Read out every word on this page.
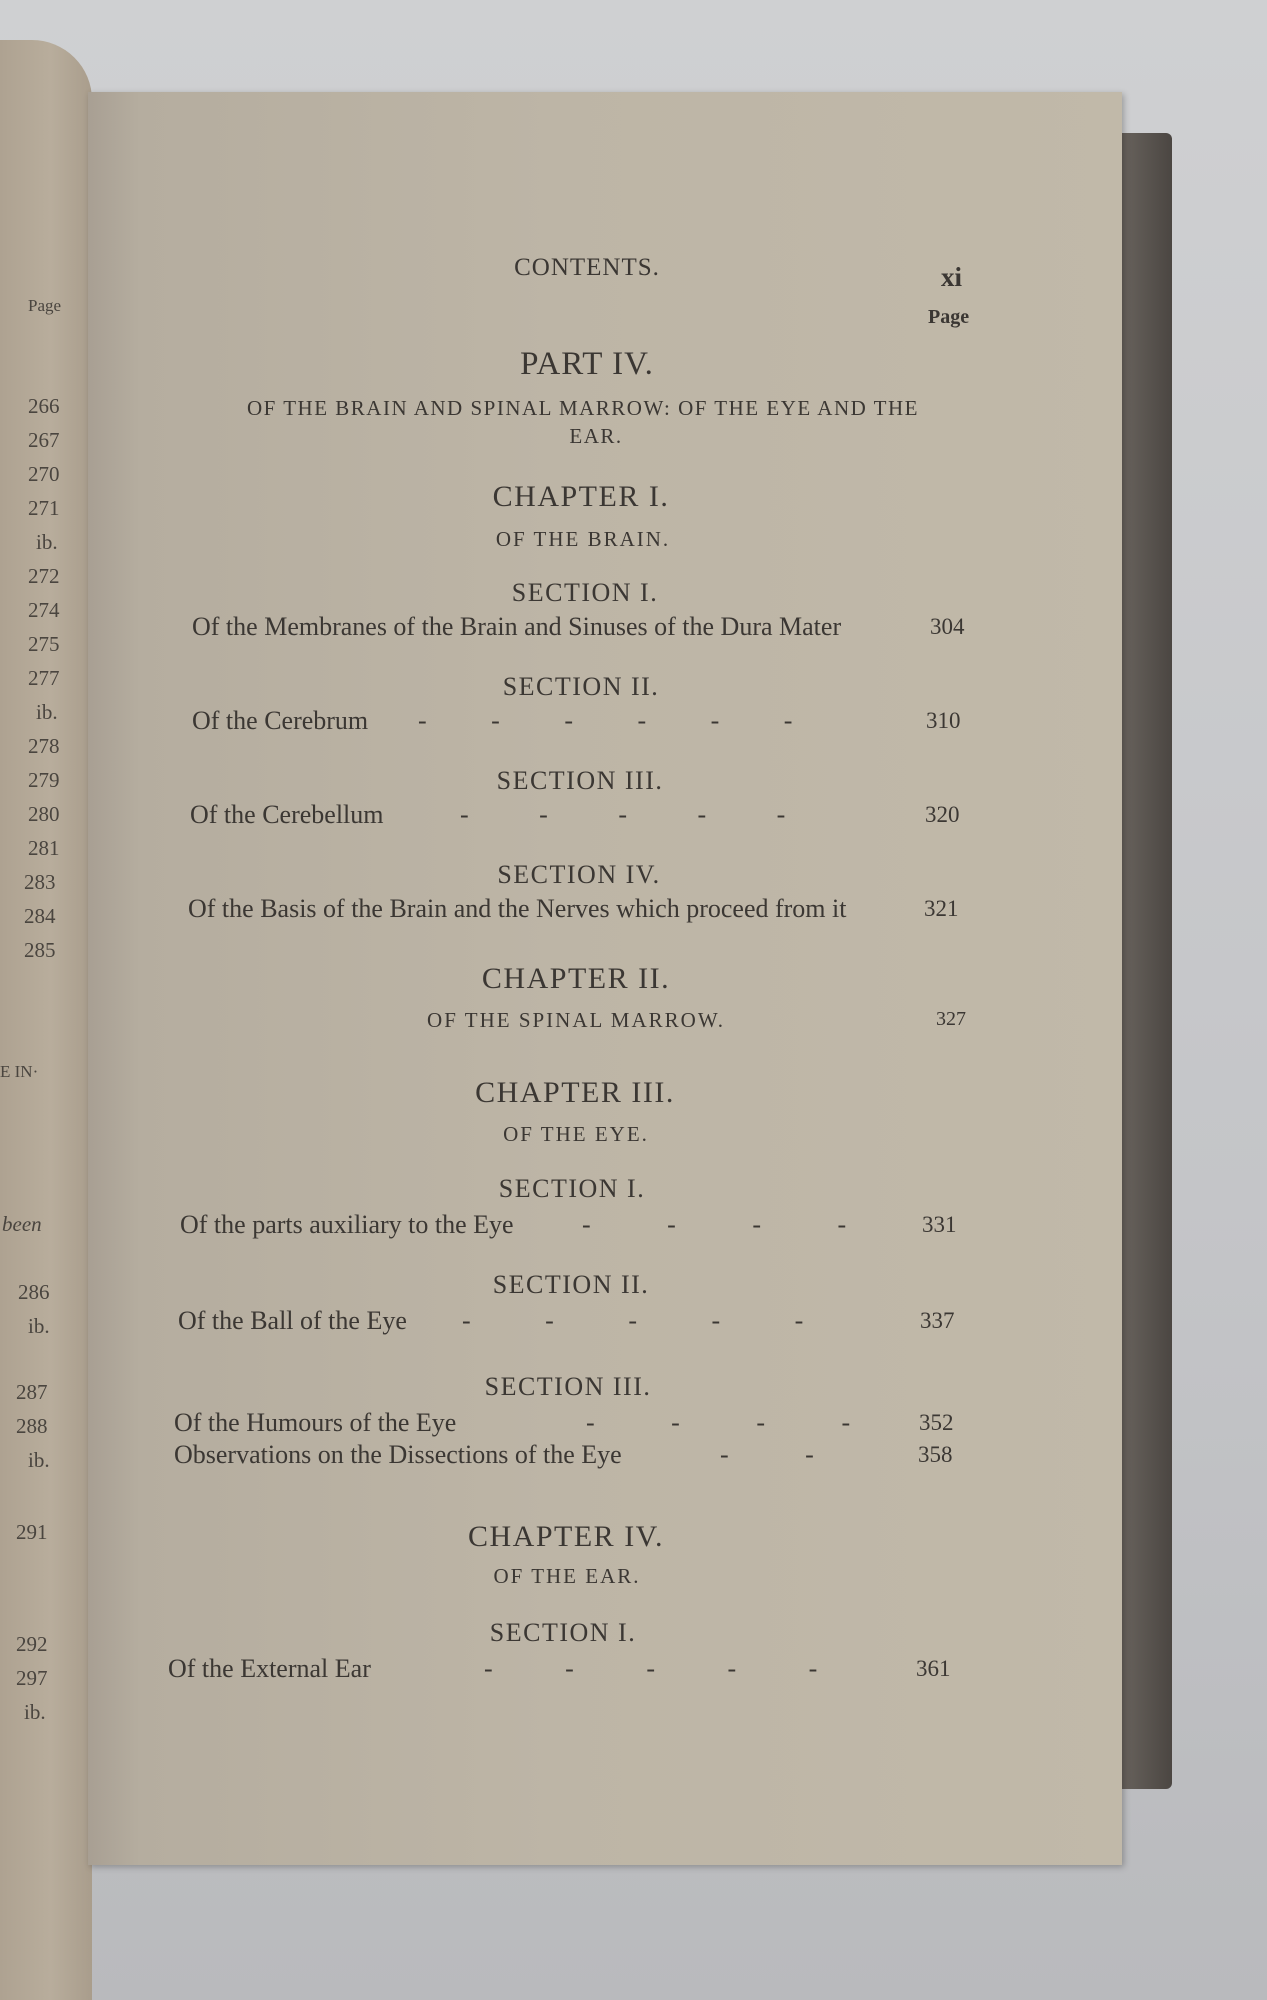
Page
266
267
270
271
ib.
272
274
275
277
ib.
278
279
280
281
283
284
285
E IN·
been
286
ib.
287
288
ib.
291
292
297
ib.
CONTENTS.	xi
Page
PART IV.
OF THE BRAIN AND SPINAL MARROW: OF THE EYE AND THE
EAR.
CHAPTER I.
OF THE BRAIN.
SECTION I.
Of the Membranes of the Brain and Sinuses of the Dura Mater	304
SECTION II.
Of the Cerebrum - - - - - -	310
SECTION III.
Of the Cerebellum	- - - - -	320
SECTION IV.
Of the Basis of the Brain and the Nerves which proceed from it	321
CHAPTER II.
OF THE SPINAL MARROW.	327
CHAPTER III.
OF THE EYE.
SECTION I.
Of the parts auxiliary to the Eye	- - - -	331
SECTION II.
Of the Ball of the Eye - - - - -	337
SECTION III.
Of the Humours of the Eye	- - - -	352
Observations on the Dissections of the Eye	- -	358
CHAPTER IV.
OF THE EAR.
SECTION I.
Of the External Ear	- - - - -	361
